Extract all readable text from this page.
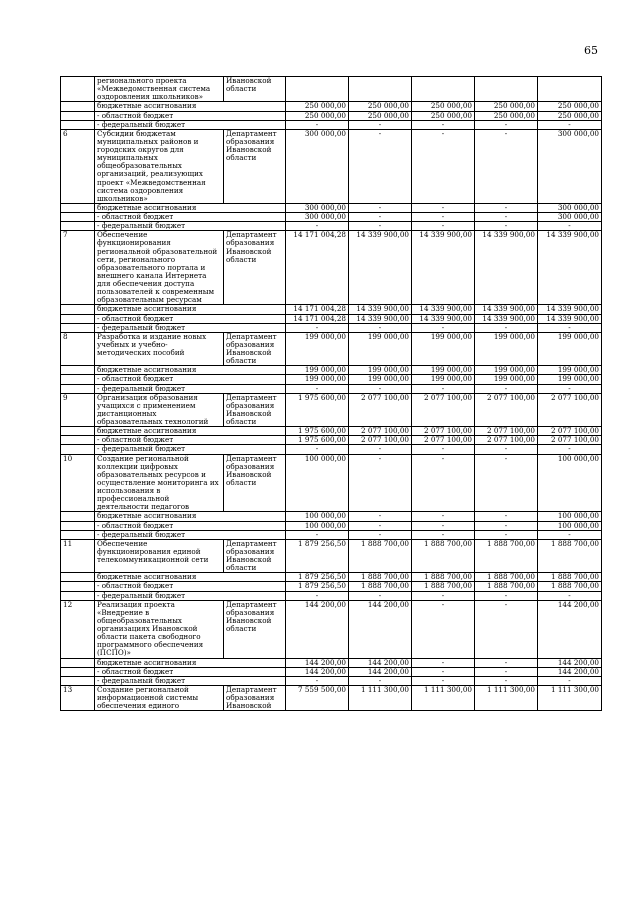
65
	регионального проекта «Межведомственная система оздоровления школьников»	Ивановской области					
	бюджетные ассигнования		250 000,00	250 000,00	250 000,00	250 000,00	250 000,00
	- областной бюджет		250 000,00	250 000,00	250 000,00	250 000,00	250 000,00
	- федеральный бюджет		-	-	-	-	-
6	Субсидии бюджетам муниципальных районов и городских округов для муниципальных общеобразовательных организаций, реализующих проект «Межведомственная система оздоровления школьников»	Департамент образования Ивановской области	300 000,00	-	-	-	300 000,00
	бюджетные ассигнования		300 000,00	-	-	-	300 000,00
	- областной бюджет		300 000,00	-	-	-	300 000,00
	- федеральный бюджет		-	-	-	-	-
7	Обеспечение функционирования региональной образовательной сети, регионального образовательного портала и внешнего канала Интернета для обеспечения доступа пользователей к современным образовательным ресурсам	Департамент образования Ивановской области	14 171 004,28	14 339 900,00	14 339 900,00	14 339 900,00	14 339 900,00
	бюджетные ассигнования		14 171 004,28	14 339 900,00	14 339 900,00	14 339 900,00	14 339 900,00
	- областной бюджет		14 171 004,28	14 339 900,00	14 339 900,00	14 339 900,00	14 339 900,00
	- федеральный бюджет		-	-	-	-	-
8	Разработка и издание новых учебных и учебно-методических пособий	Департамент образования Ивановской области	199 000,00	199 000,00	199 000,00	199 000,00	199 000,00
	бюджетные ассигнования		199 000,00	199 000,00	199 000,00	199 000,00	199 000,00
	- областной бюджет		199 000,00	199 000,00	199 000,00	199 000,00	199 000,00
	- федеральный бюджет		-	-	-	-	-
9	Организация образования учащихся с применением дистанционных образовательных технологий	Департамент образования Ивановской области	1 975 600,00	2 077 100,00	2 077 100,00	2 077 100,00	2 077 100,00
	бюджетные ассигнования		1 975 600,00	2 077 100,00	2 077 100,00	2 077 100,00	2 077 100,00
	- областной бюджет		1 975 600,00	2 077 100,00	2 077 100,00	2 077 100,00	2 077 100,00
	- федеральный бюджет		-	-	-	-	-
10	Создание региональной коллекции цифровых образовательных ресурсов и осуществление мониторинга их использования в профессиональной деятельности педагогов	Департамент образования Ивановской области	100 000,00	-	-	-	100 000,00
	бюджетные ассигнования		100 000,00	-	-	-	100 000,00
	- областной бюджет		100 000,00	-	-	-	100 000,00
	- федеральный бюджет		-	-	-	-	-
11	Обеспечение функционирования единой телекоммуникационной сети	Департамент образования Ивановской области	1 879 256,50	1 888 700,00	1 888 700,00	1 888 700,00	1 888 700,00
	бюджетные ассигнования		1 879 256,50	1 888 700,00	1 888 700,00	1 888 700,00	1 888 700,00
	- областной бюджет		1 879 256,50	1 888 700,00	1 888 700,00	1 888 700,00	1 888 700,00
	- федеральный бюджет		-	-	-	-	-
12	Реализация проекта «Внедрение в общеобразовательных организациях Ивановской области пакета свободного программного обеспечения (ПСПО)»	Департамент образования Ивановской области	144 200,00	144 200,00	-	-	144 200,00
	бюджетные ассигнования		144 200,00	144 200,00	-	-	144 200,00
	- областной бюджет		144 200,00	144 200,00	-	-	144 200,00
	- федеральный бюджет		-	-	-	-	-
13	Создание региональной информационной системы обеспечения единого	Департамент образования Ивановской	7 559 500,00	1 111 300,00	1 111 300,00	1 111 300,00	1 111 300,00
